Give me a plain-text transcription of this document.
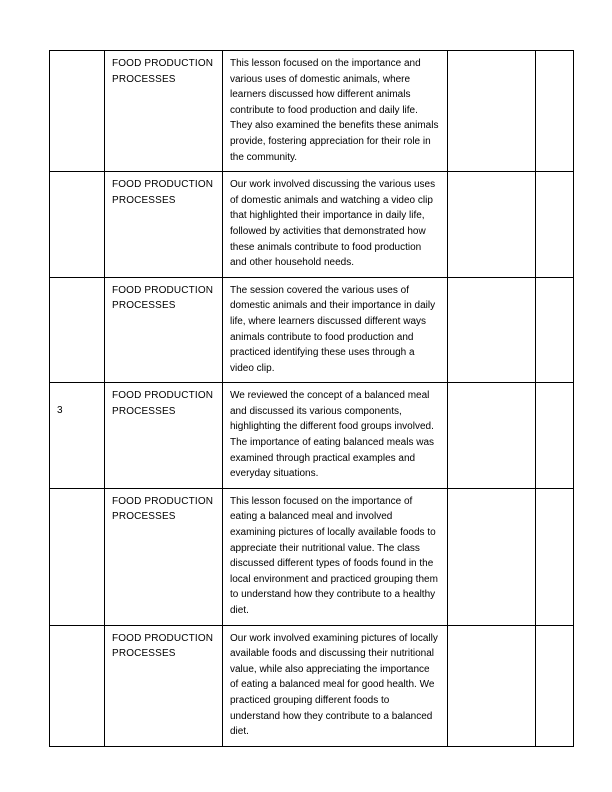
	FOOD PRODUCTION PROCESSES	This lesson focused on the importance and various uses of domestic animals, where learners discussed how different animals contribute to food production and daily life. They also examined the benefits these animals provide, fostering appreciation for their role in the community.		

	FOOD PRODUCTION PROCESSES	Our work involved discussing the various uses of domestic animals and watching a video clip that highlighted their importance in daily life, followed by activities that demonstrated how these animals contribute to food production and other household needs.		

	FOOD PRODUCTION PROCESSES	The session covered the various uses of domestic animals and their importance in daily life, where learners discussed different ways animals contribute to food production and practiced identifying these uses through a video clip.		

3	FOOD PRODUCTION PROCESSES	We reviewed the concept of a balanced meal and discussed its various components, highlighting the different food groups involved. The importance of eating balanced meals was examined through practical examples and everyday situations.		

	FOOD PRODUCTION PROCESSES	This lesson focused on the importance of eating a balanced meal and involved examining pictures of locally available foods to appreciate their nutritional value. The class discussed different types of foods found in the local environment and practiced grouping them to understand how they contribute to a healthy diet.		

	FOOD PRODUCTION PROCESSES	Our work involved examining pictures of locally available foods and discussing their nutritional value, while also appreciating the importance of eating a balanced meal for good health. We practiced grouping different foods to understand how they contribute to a balanced diet.		
